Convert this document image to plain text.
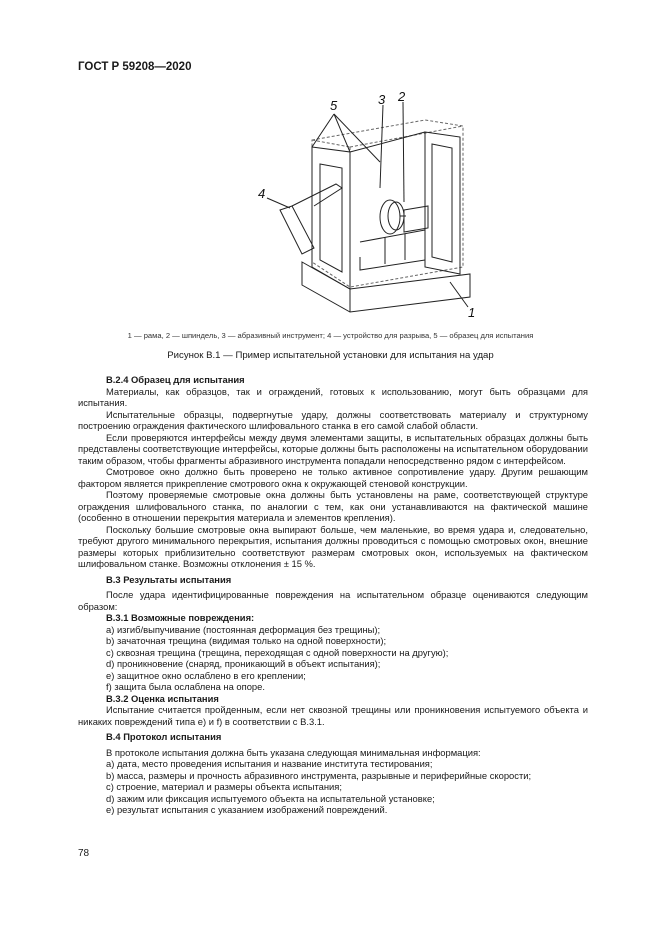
ГОСТ Р 59208—2020
5	3 2
4
1
1 — рама, 2 — шпиндель, 3 — абразивный инструмент; 4 — устройство для разрыва, 5 — образец для испытания
Рисунок В.1 — Пример испытательной установки для испытания на удар

В.2.4 Образец для испытания

Материалы, как образцов, так и ограждений, готовых к использованию, могут быть образцами для испытания.

Испытательные образцы, подвергнутые удару, должны соответствовать материалу и структурному построению ограждения фактического шлифовального станка в его самой слабой области.

Если проверяются интерфейсы между двумя элементами защиты, в испытательных образцах должны быть представлены соответствующие интерфейсы, которые должны быть расположены на испытательном оборудовании таким образом, чтобы фрагменты абразивного инструмента попадали непосредственно рядом с интерфейсом.

Смотровое окно должно быть проверено не только активное сопротивление удару. Другим решающим фактором является прикрепление смотрового окна к окружающей стеновой конструкции.

Поэтому проверяемые смотровые окна должны быть установлены на раме, соответствующей структуре ограждения шлифовального станка, по аналогии с тем, как они устанавливаются на фактической машине (особенно в отношении перекрытия материала и элементов крепления).

Поскольку большие смотровые окна выпирают больше, чем маленькие, во время удара и, следовательно, требуют другого минимального перекрытия, испытания должны проводиться с помощью смотровых окон, внешние размеры которых приблизительно соответствуют размерам смотровых окон, используемых на фактическом шлифовальном станке. Возможны отклонения ± 15 %.

В.3 Результаты испытания

После удара идентифицированные повреждения на испытательном образце оцениваются следующим образом:

В.3.1 Возможные повреждения:

a) изгиб/выпучивание (постоянная деформация без трещины);

b) зачаточная трещина (видимая только на одной поверхности);

c) сквозная трещина (трещина, переходящая с одной поверхности на другую);

d) проникновение (снаряд, проникающий в объект испытания);

e) защитное окно ослаблено в его креплении;

f) защита была ослаблена на опоре.

В.3.2 Оценка испытания

Испытание считается пройденным, если нет сквозной трещины или проникновения испытуемого объекта и никаких повреждений типа е) и f) в соответствии с В.3.1.

В.4 Протокол испытания

В протоколе испытания должна быть указана следующая минимальная информация:

a) дата, место проведения испытания и название института тестирования;

b) масса, размеры и прочность абразивного инструмента, разрывные и периферийные скорости;

c) строение, материал и размеры объекта испытания;

d) зажим или фиксация испытуемого объекта на испытательной установке;

e) результат испытания с указанием изображений повреждений.

78
